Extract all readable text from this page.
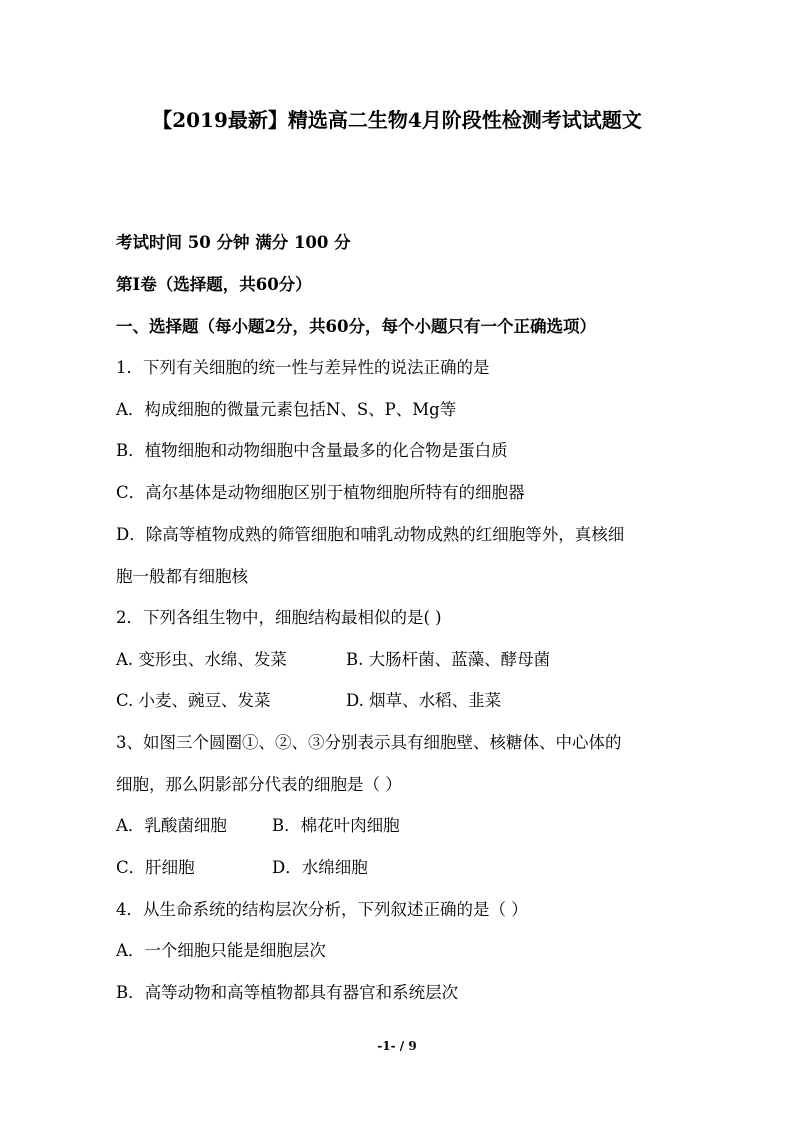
【2019最新】精选高二生物4月阶段性检测考试试题文

考试时间 50 分钟 满分 100 分

第Ⅰ卷（选择题，共60分）

一、选择题（每小题2分，共60分，每个小题只有一个正确选项）

1．下列有关细胞的统一性与差异性的说法正确的是

A．构成细胞的微量元素包括N、S、P、Mg等

B．植物细胞和动物细胞中含量最多的化合物是蛋白质

C．高尔基体是动物细胞区别于植物细胞所特有的细胞器

D．除高等植物成熟的筛管细胞和哺乳动物成熟的红细胞等外，真核细

胞一般都有细胞核

2．下列各组生物中，细胞结构最相似的是( )

A. 变形虫、水绵、发菜	B. 大肠杆菌、蓝藻、酵母菌
C. 小麦、豌豆、发菜	D. 烟草、水稻、韭菜

3、如图三个圆圈①、②、③分别表示具有细胞壁、核糖体、中心体的

细胞，那么阴影部分代表的细胞是（ ）

A．乳酸菌细胞	B．棉花叶肉细胞
C．肝细胞	D．水绵细胞

4．从生命系统的结构层次分析，下列叙述正确的是（ ）

A．一个细胞只能是细胞层次

B．高等动物和高等植物都具有器官和系统层次

-1- / 9
